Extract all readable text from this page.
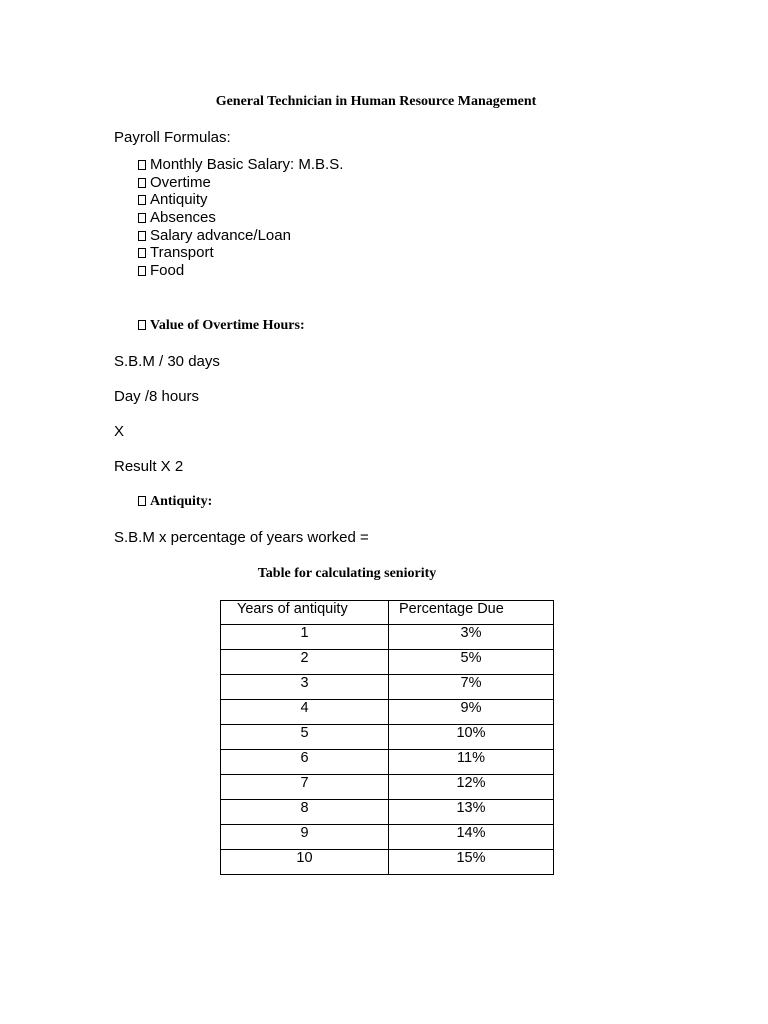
General Technician in Human Resource Management
Payroll Formulas:
Monthly Basic Salary: M.B.S.
Overtime
Antiquity
Absences
Salary advance/Loan
Transport
Food
Value of Overtime Hours:
S.B.M / 30 days
Day /8 hours
X
Result X 2
Antiquity:
S.B.M x percentage of years worked =
Table for calculating seniority
Years of antiquity	Percentage Due
1	3%
2	5%
3	7%
4	9%
5	10%
6	11%
7	12%
8	13%
9	14%
10	15%
